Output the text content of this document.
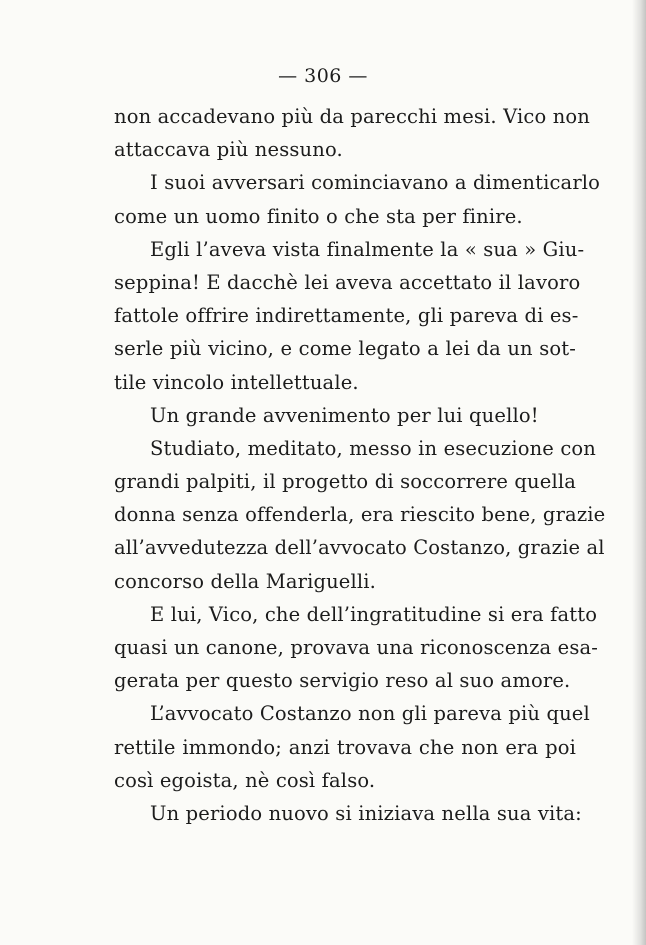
— 306 —
non accadevano più da parecchi mesi. Vico non
attaccava più nessuno.
I suoi avversari cominciavano a dimenticarlo
come un uomo finito o che sta per finire.
Egli l’aveva vista finalmente la « sua » Giu-
seppina! E dacchè lei aveva accettato il lavoro
fattole offrire indirettamente, gli pareva di es-
serle più vicino, e come legato a lei da un sot-
tile vincolo intellettuale.
Un grande avvenimento per lui quello!
Studiato, meditato, messo in esecuzione con
grandi palpiti, il progetto di soccorrere quella
donna senza offenderla, era riescito bene, grazie
all’avvedutezza dell’avvocato Costanzo, grazie al
concorso della Mariguelli.
E lui, Vico, che dell’ingratitudine si era fatto
quasi un canone, provava una riconoscenza esa-
gerata per questo servigio reso al suo amore.
L’avvocato Costanzo non gli pareva più quel
rettile immondo; anzi trovava che non era poi
così egoista, nè così falso.
Un periodo nuovo si iniziava nella sua vita:
